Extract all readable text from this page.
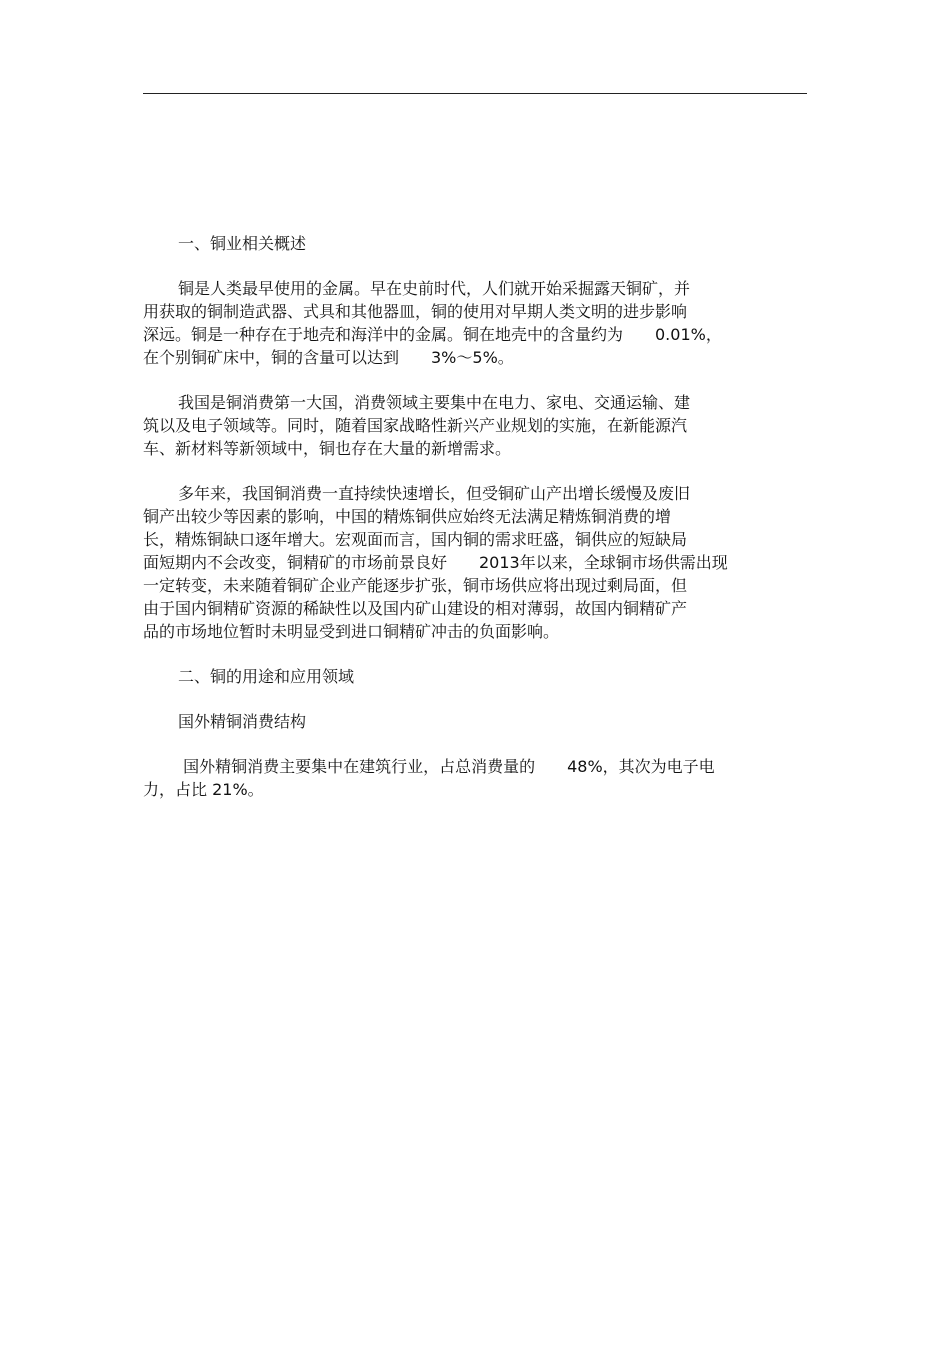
一、铜业相关概述
铜是人类最早使用的金属。早在史前时代，人们就开始采掘露天铜矿，并
用获取的铜制造武器、式具和其他器皿，铜的使用对早期人类文明的进步影响
深远。铜是一种存在于地壳和海洋中的金属。铜在地壳中的含量约为　　0.01%，
在个别铜矿床中，铜的含量可以达到　　3%～5%。
我国是铜消费第一大国，消费领域主要集中在电力、家电、交通运输、建
筑以及电子领域等。同时，随着国家战略性新兴产业规划的实施，在新能源汽
车、新材料等新领域中，铜也存在大量的新增需求。
多年来，我国铜消费一直持续快速增长，但受铜矿山产出增长缓慢及废旧
铜产出较少等因素的影响，中国的精炼铜供应始终无法满足精炼铜消费的增
长，精炼铜缺口逐年增大。宏观面而言，国内铜的需求旺盛，铜供应的短缺局
面短期内不会改变，铜精矿的市场前景良好　　2013年以来，全球铜市场供需出现
一定转变，未来随着铜矿企业产能逐步扩张，铜市场供应将出现过剩局面，但
由于国内铜精矿资源的稀缺性以及国内矿山建设的相对薄弱，故国内铜精矿产
品的市场地位暂时未明显受到进口铜精矿冲击的负面影响。
二、铜的用途和应用领域
国外精铜消费结构
国外精铜消费主要集中在建筑行业，占总消费量的　　48%，其次为电子电
力，占比 21%。
